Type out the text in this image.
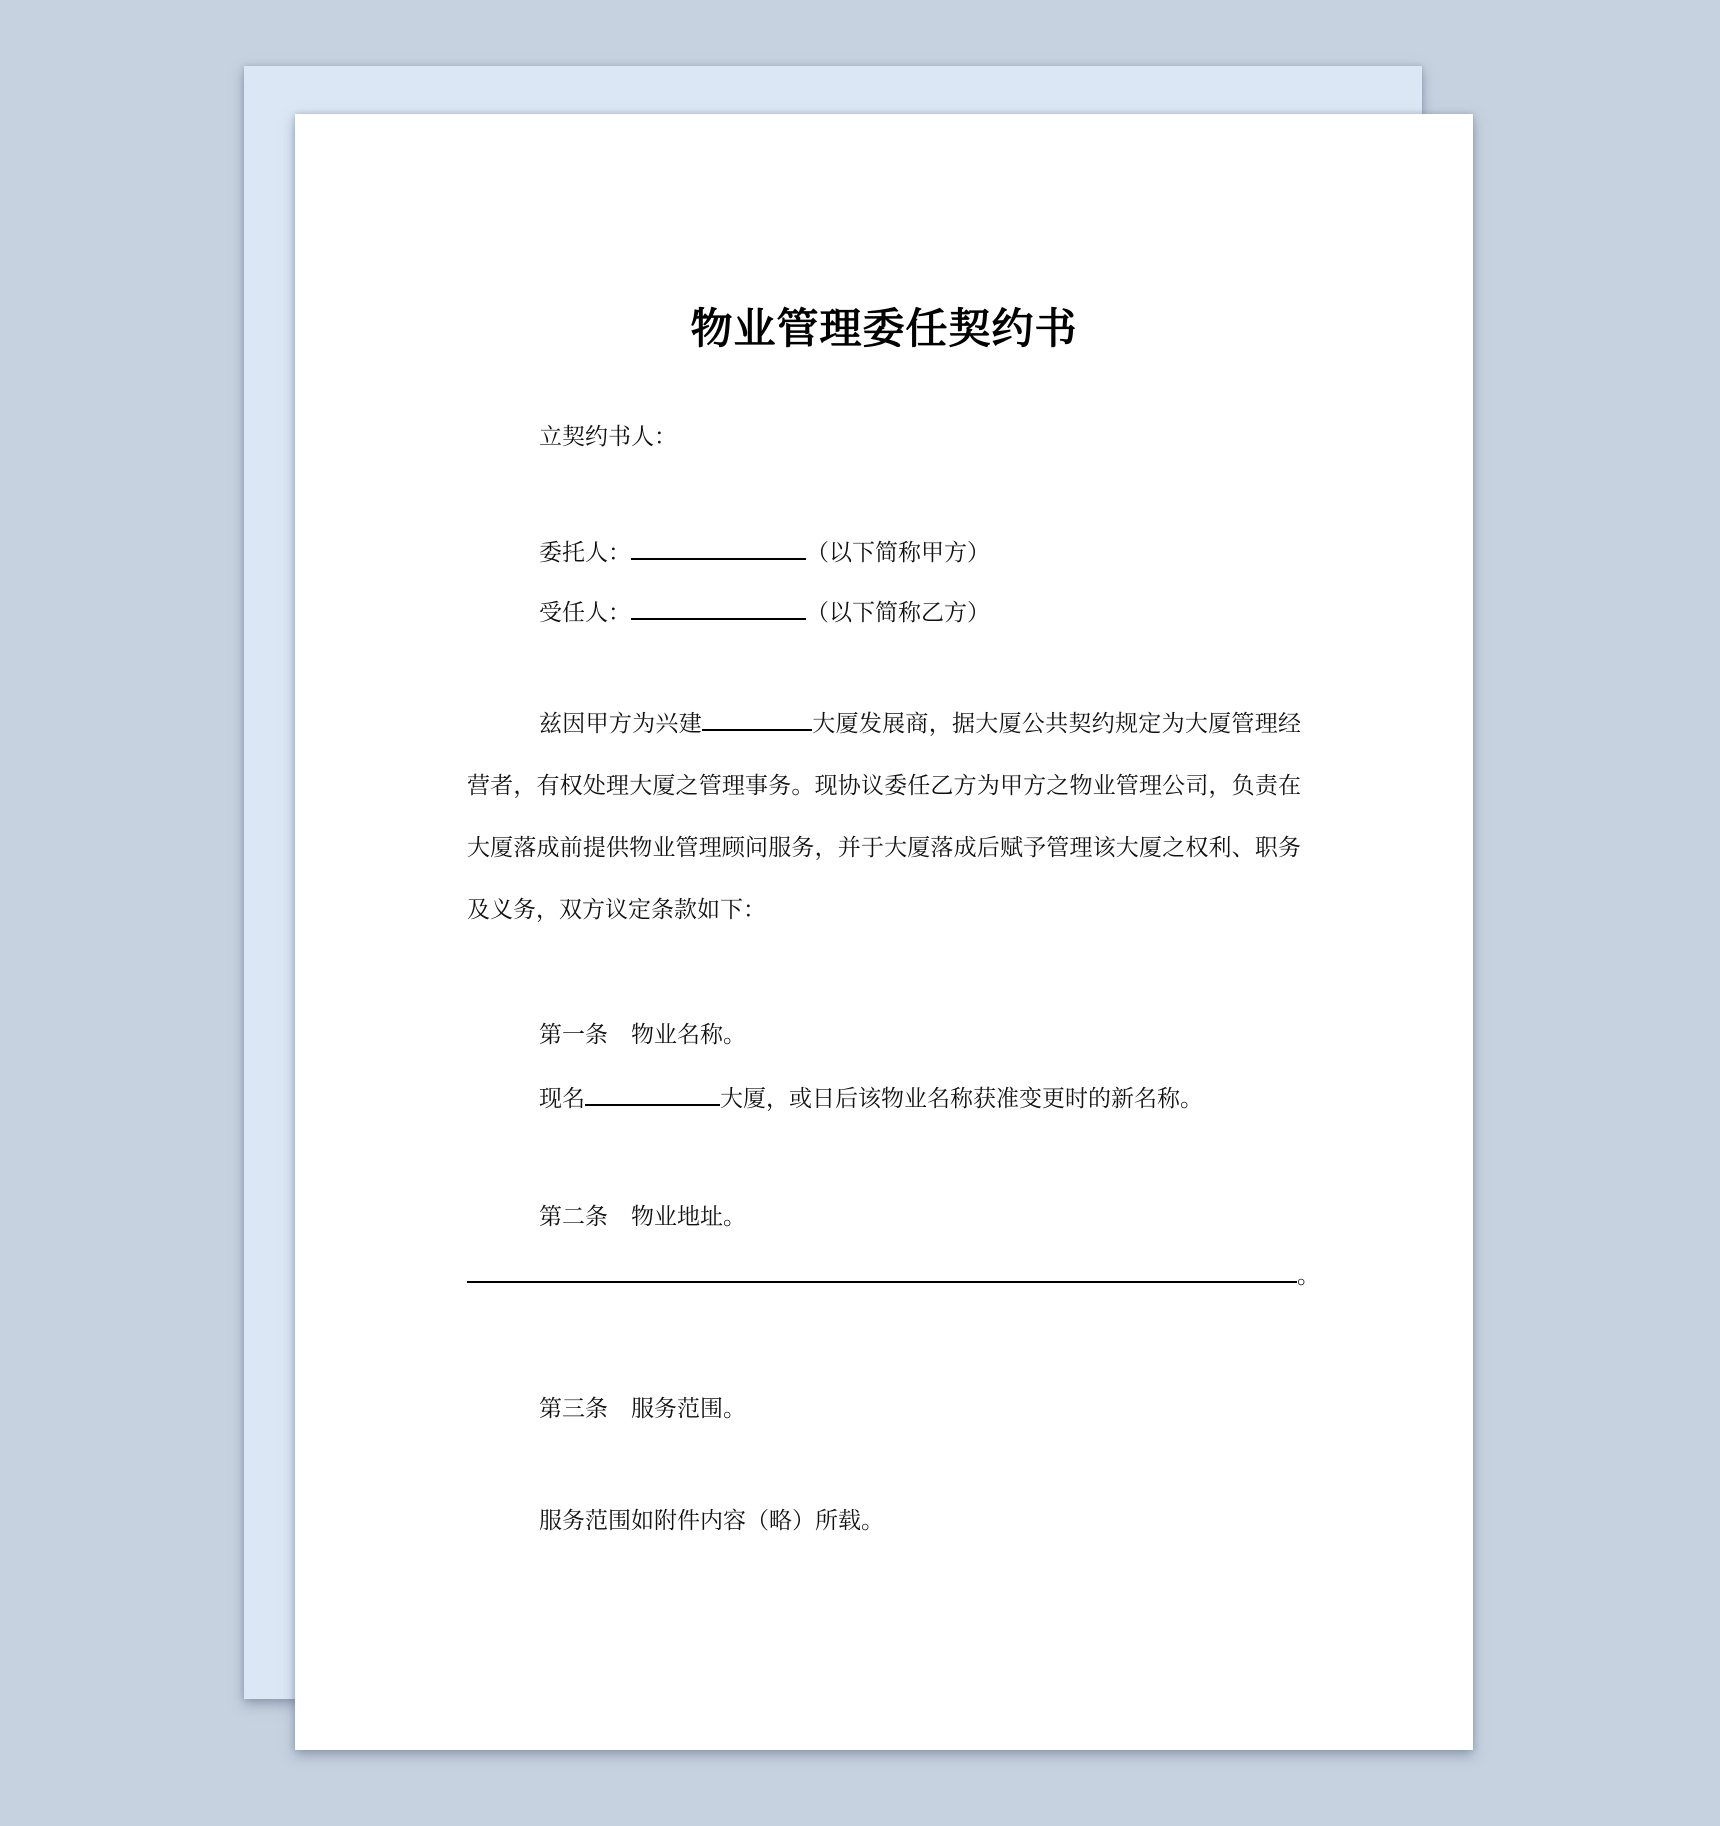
物业管理委任契约书
立契约书人：
委托人：	（以下简称甲方）
受任人：	（以下简称乙方）
兹因甲方为兴建	大厦发展商，据大厦公共契约规定为大厦管理经营者，有权处理大厦之管理事务。现协议委任乙方为甲方之物业管理公司，负责在大厦落成前提供物业管理顾问服务，并于大厦落成后赋予管理该大厦之权利、职务及义务，双方议定条款如下：
第一条　物业名称。
现名	大厦，或日后该物业名称获准变更时的新名称。
第二条　物业地址。
。
第三条　服务范围。
服务范围如附件内容（略）所载。
